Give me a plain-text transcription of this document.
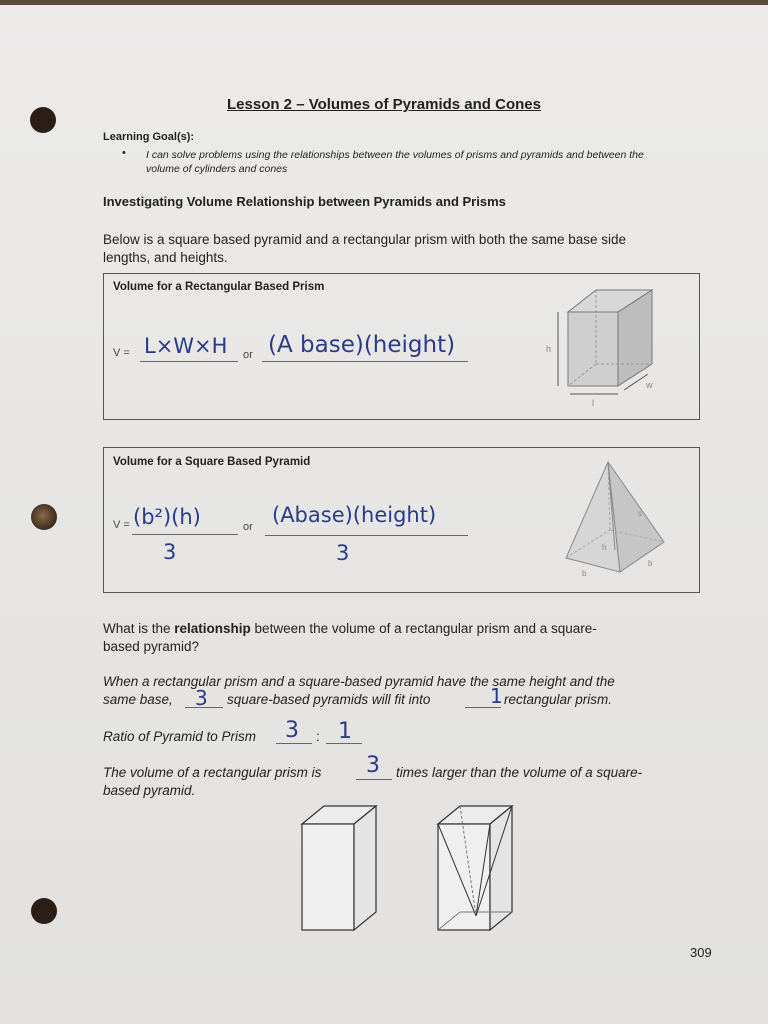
Lesson 2 – Volumes of Pyramids and Cones
Learning Goal(s):
• I can solve problems using the relationships between the volumes of prisms and pyramids and between the
volume of cylinders and cones
Investigating Volume Relationship between Pyramids and Prisms
Below is a square based pyramid and a rectangular prism with both the same base side
lengths, and heights.
Volume for a Rectangular Based Prism
V = L×W×H or (A base)(height)	h
w
l
Volume for a Square Based Pyramid
V = (b²)(h)
3
or (Abase)(height)
3
s
h
b
b
What is the relationship between the volume of a rectangular prism and a square-
based pyramid?
When a rectangular prism and a square-based pyramid have the same height and the
same base, 3 square-based pyramids will fit into	1 rectangular prism.
Ratio of Pyramid to Prism 3 : 1
The volume of a rectangular prism is 3 times larger than the volume of a square-
based pyramid.
309
